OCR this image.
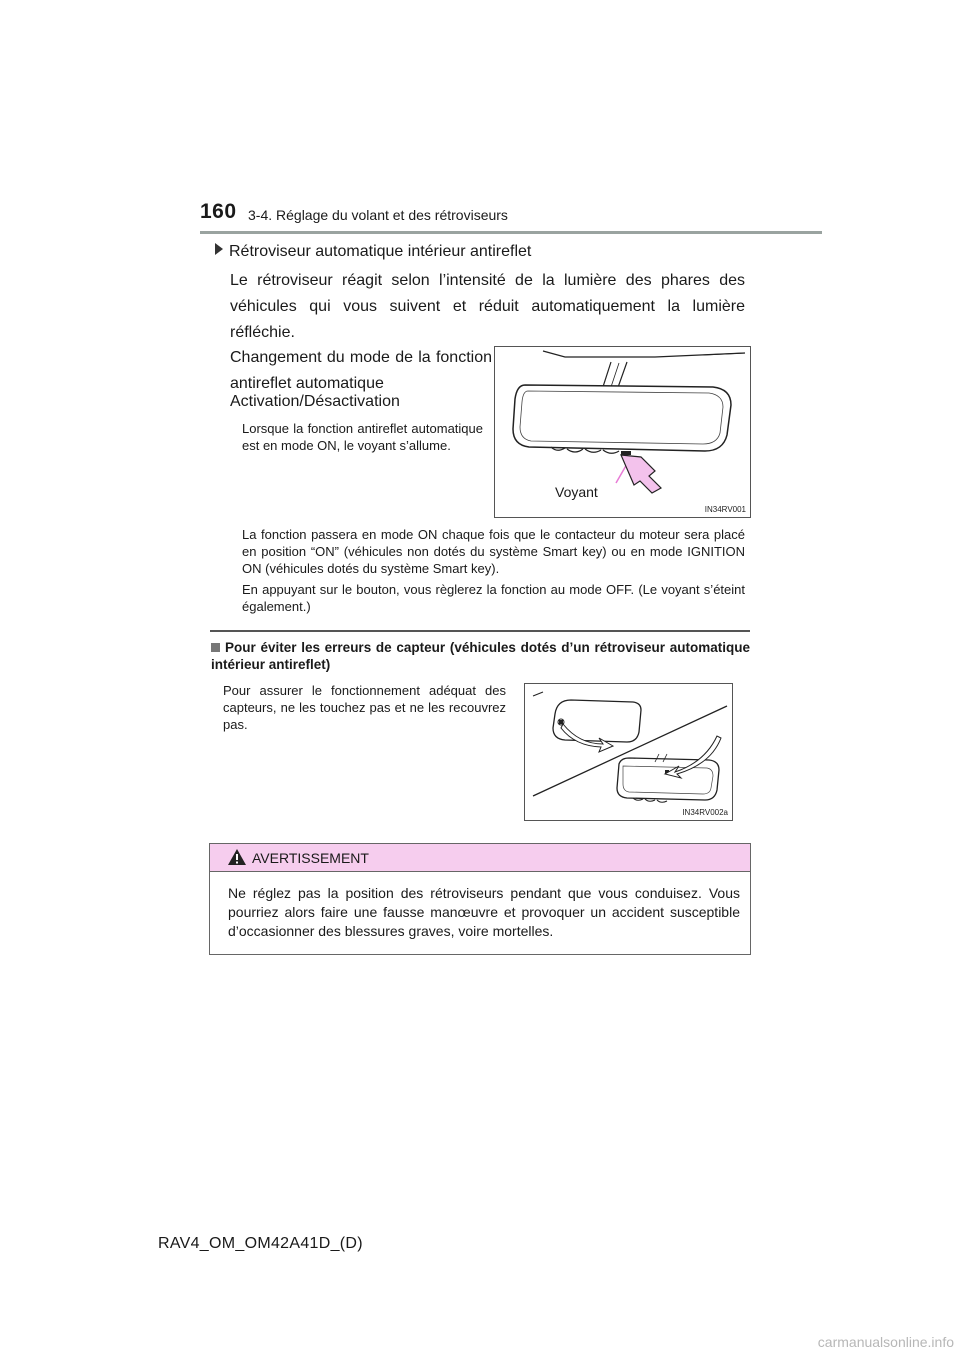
160 3-4. Réglage du volant et des rétroviseurs
Rétroviseur automatique intérieur antireflet
Le rétroviseur réagit selon l’intensité de la lumière des phares des véhicules qui vous suivent et réduit automatiquement la lumière réfléchie.
Changement du mode de la fonction antireflet automatique
Activation/Désactivation
Lorsque la fonction antireflet automatique est en mode ON, le voyant s’allume.
Voyant
IN34RV001
La fonction passera en mode ON chaque fois que le contacteur du moteur sera placé en position “ON” (véhicules non dotés du système Smart key) ou en mode IGNITION ON (véhicules dotés du système Smart key).
En appuyant sur le bouton, vous règlerez la fonction au mode OFF. (Le voyant s’éteint également.)
Pour éviter les erreurs de capteur (véhicules dotés d’un rétroviseur automatique intérieur antireflet)
Pour assurer le fonctionnement adéquat des capteurs, ne les touchez pas et ne les recouvrez pas.
IN34RV002a
AVERTISSEMENT
Ne réglez pas la position des rétroviseurs pendant que vous conduisez. Vous pourriez alors faire une fausse manœuvre et provoquer un accident susceptible d’occasionner des blessures graves, voire mortelles.
RAV4_OM_OM42A41D_(D)
carmanualsonline.info
